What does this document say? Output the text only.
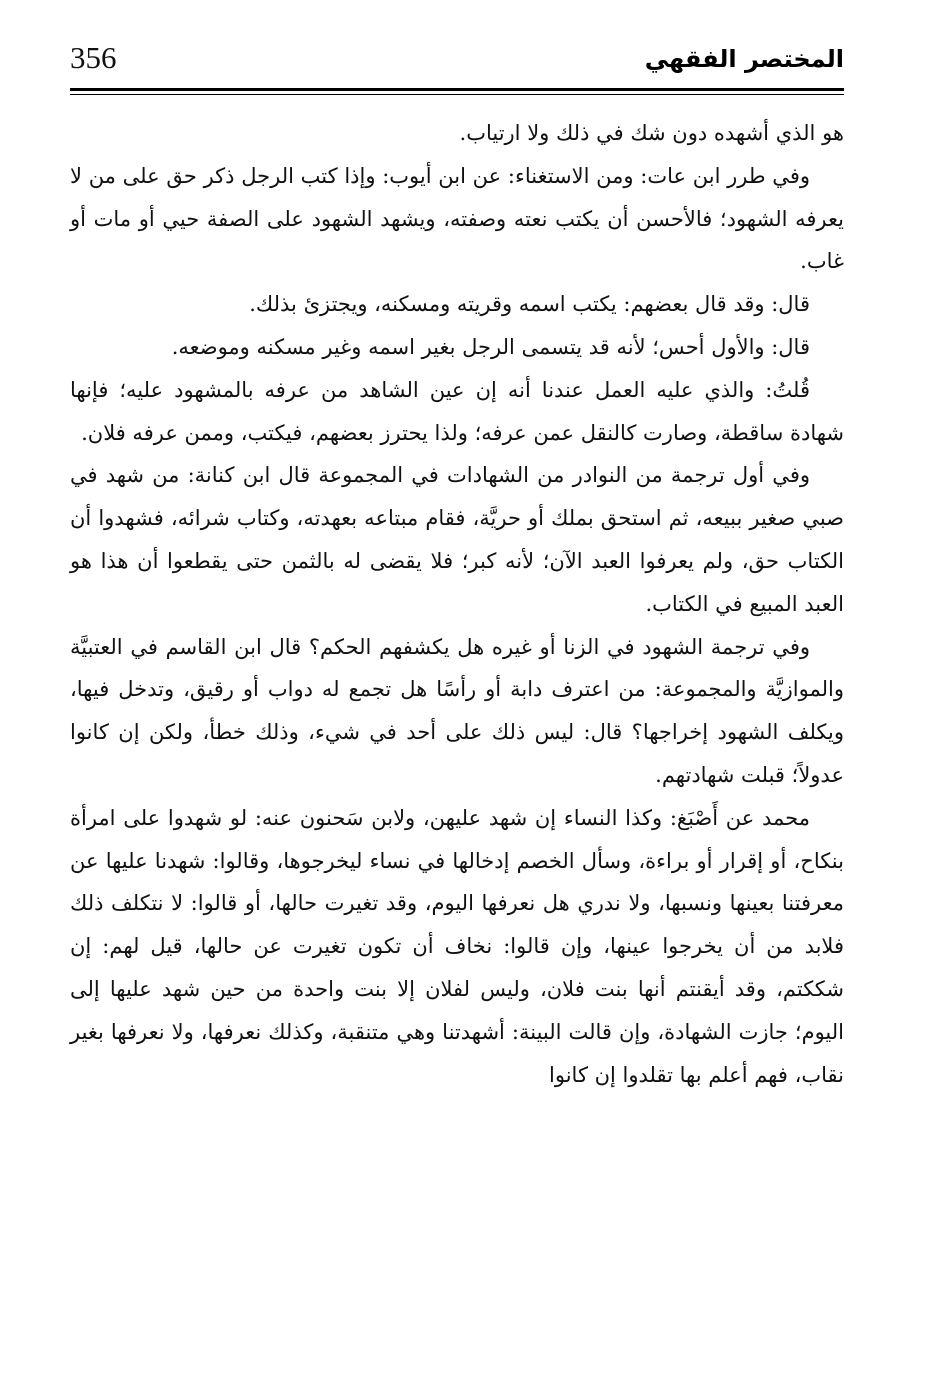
356	المختصر الفقهي

هو الذي أشهده دون شك في ذلك ولا ارتياب.

وفي طرر ابن عات: ومن الاستغناء: عن ابن أيوب: وإذا كتب الرجل ذكر حق على من لا يعرفه الشهود؛ فالأحسن أن يكتب نعته وصفته، ويشهد الشهود على الصفة حيي أو مات أو غاب.

قال: وقد قال بعضهم: يكتب اسمه وقريته ومسكنه، ويجتزئ بذلك.

قال: والأول أحس؛ لأنه قد يتسمى الرجل بغير اسمه وغير مسكنه وموضعه.

قُلتُ: والذي عليه العمل عندنا أنه إن عين الشاهد من عرفه بالمشهود عليه؛ فإنها شهادة ساقطة، وصارت كالنقل عمن عرفه؛ ولذا يحترز بعضهم، فيكتب، وممن عرفه فلان.

وفي أول ترجمة من النوادر من الشهادات في المجموعة قال ابن كنانة: من شهد في صبي صغير ببيعه، ثم استحق بملك أو حريَّة، فقام مبتاعه بعهدته، وكتاب شرائه، فشهدوا أن الكتاب حق، ولم يعرفوا العبد الآن؛ لأنه كبر؛ فلا يقضى له بالثمن حتى يقطعوا أن هذا هو العبد المبيع في الكتاب.

وفي ترجمة الشهود في الزنا أو غيره هل يكشفهم الحكم؟ قال ابن القاسم في العتبيَّة والموازيَّة والمجموعة: من اعترف دابة أو رأسًا هل تجمع له دواب أو رقيق، وتدخل فيها، ويكلف الشهود إخراجها؟ قال: ليس ذلك على أحد في شيء، وذلك خطأ، ولكن إن كانوا عدولاً؛ قبلت شهادتهم.

محمد عن أَصْبَغ: وكذا النساء إن شهد عليهن، ولابن سَحنون عنه: لو شهدوا على امرأة بنكاح، أو إقرار أو براءة، وسأل الخصم إدخالها في نساء ليخرجوها، وقالوا: شهدنا عليها عن معرفتنا بعينها ونسبها، ولا ندري هل نعرفها اليوم، وقد تغيرت حالها، أو قالوا: لا نتكلف ذلك فلابد من أن يخرجوا عينها، وإن قالوا: نخاف أن تكون تغيرت عن حالها، قيل لهم: إن شككتم، وقد أيقنتم أنها بنت فلان، وليس لفلان إلا بنت واحدة من حين شهد عليها إلى اليوم؛ جازت الشهادة، وإن قالت البينة: أشهدتنا وهي متنقبة، وكذلك نعرفها، ولا نعرفها بغير نقاب، فهم أعلم بها تقلدوا إن كانوا
